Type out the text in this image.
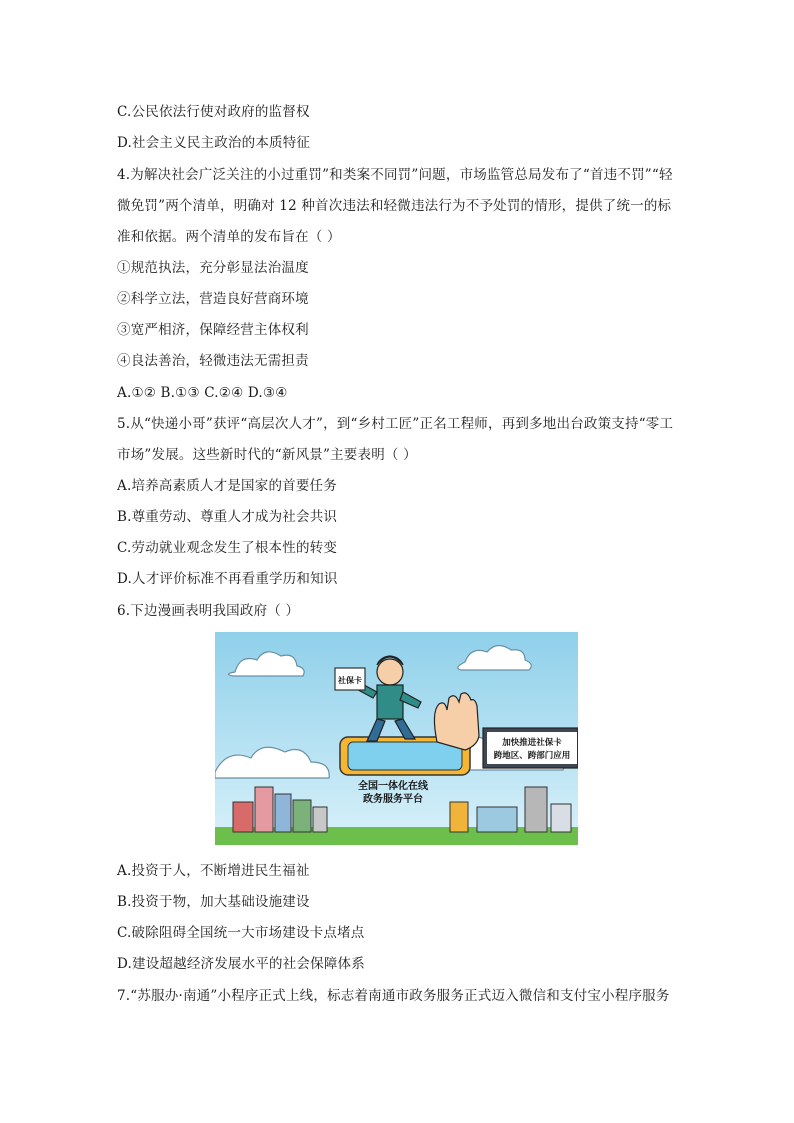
C.公民依法行使对政府的监督权
D.社会主义民主政治的本质特征
4.为解决社会广泛关注的小过重罚”和类案不同罚”问题，市场监管总局发布了“首违不罚”“轻
微免罚”两个清单，明确对 12 种首次违法和轻微违法行为不予处罚的情形，提供了统一的标
准和依据。两个清单的发布旨在（ ）
①规范执法，充分彰显法治温度
②科学立法，营造良好营商环境
③宽严相济，保障经营主体权利
④良法善治，轻微违法无需担责
A.①② B.①③ C.②④ D.③④
5.从“快递小哥”获评“高层次人才”，到“乡村工匠”正名工程师，再到多地出台政策支持“零工
市场”发展。这些新时代的“新风景”主要表明（ ）
A.培养高素质人才是国家的首要任务
B.尊重劳动、尊重人才成为社会共识
C.劳动就业观念发生了根本性的转变
D.人才评价标准不再看重学历和知识
6.下边漫画表明我国政府（ ）
全国一体化在线
政务服务平台
社保卡
加快推进社保卡
跨地区、跨部门应用
A.投资于人，不断增进民生福祉
B.投资于物，加大基础设施建设
C.破除阻碍全国统一大市场建设卡点堵点
D.建设超越经济发展水平的社会保障体系
7.“苏服办·南通”小程序正式上线，标志着南通市政务服务正式迈入微信和支付宝小程序服务
